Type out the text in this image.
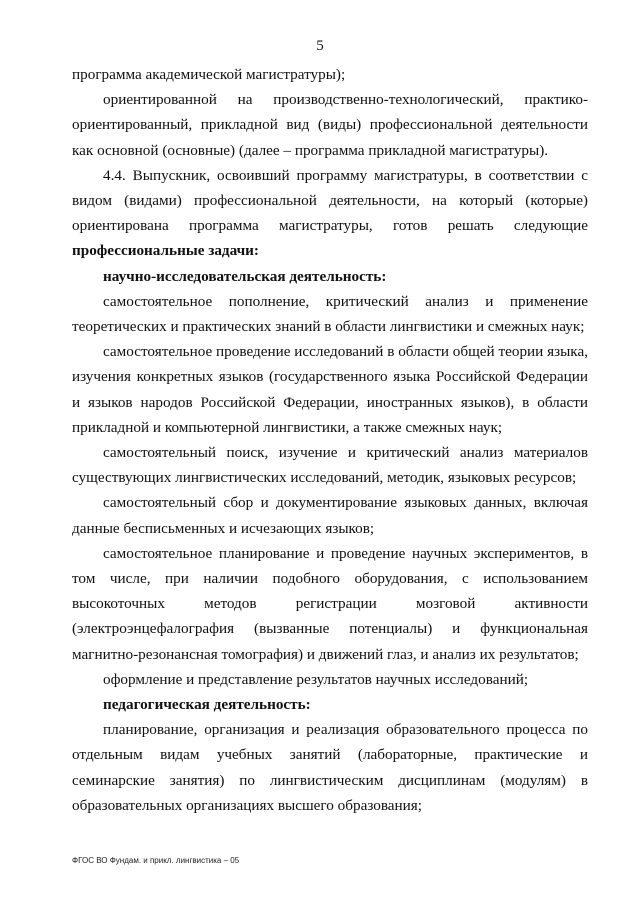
5

программа академической магистратуры);

ориентированной на производственно-технологический, практико-ориентированный, прикладной вид (виды) профессиональной деятельности как основной (основные) (далее – программа прикладной магистратуры).

4.4. Выпускник, освоивший программу магистратуры, в соответствии с видом (видами) профессиональной деятельности, на который (которые) ориентирована программа магистратуры, готов решать следующие профессиональные задачи:

научно-исследовательская деятельность:

самостоятельное пополнение, критический анализ и применение теоретических и практических знаний в области лингвистики и смежных наук;

самостоятельное проведение исследований в области общей теории языка, изучения конкретных языков (государственного языка Российской Федерации и языков народов Российской Федерации, иностранных языков), в области прикладной и компьютерной лингвистики, а также смежных наук;

самостоятельный поиск, изучение и критический анализ материалов существующих лингвистических исследований, методик, языковых ресурсов;

самостоятельный сбор и документирование языковых данных, включая данные бесписьменных и исчезающих языков;

самостоятельное планирование и проведение научных экспериментов, в том числе, при наличии подобного оборудования, с использованием высокоточных методов регистрации мозговой активности (электроэнцефалография (вызванные потенциалы) и функциональная магнитно-резонансная томография) и движений глаз, и анализ их результатов;

оформление и представление результатов научных исследований;

педагогическая деятельность:

планирование, организация и реализация образовательного процесса по отдельным видам учебных занятий (лабораторные, практические и семинарские занятия) по лингвистическим дисциплинам (модулям) в образовательных организациях высшего образования;

ФГОС ВО Фундам. и прикл. лингвистика – 05
